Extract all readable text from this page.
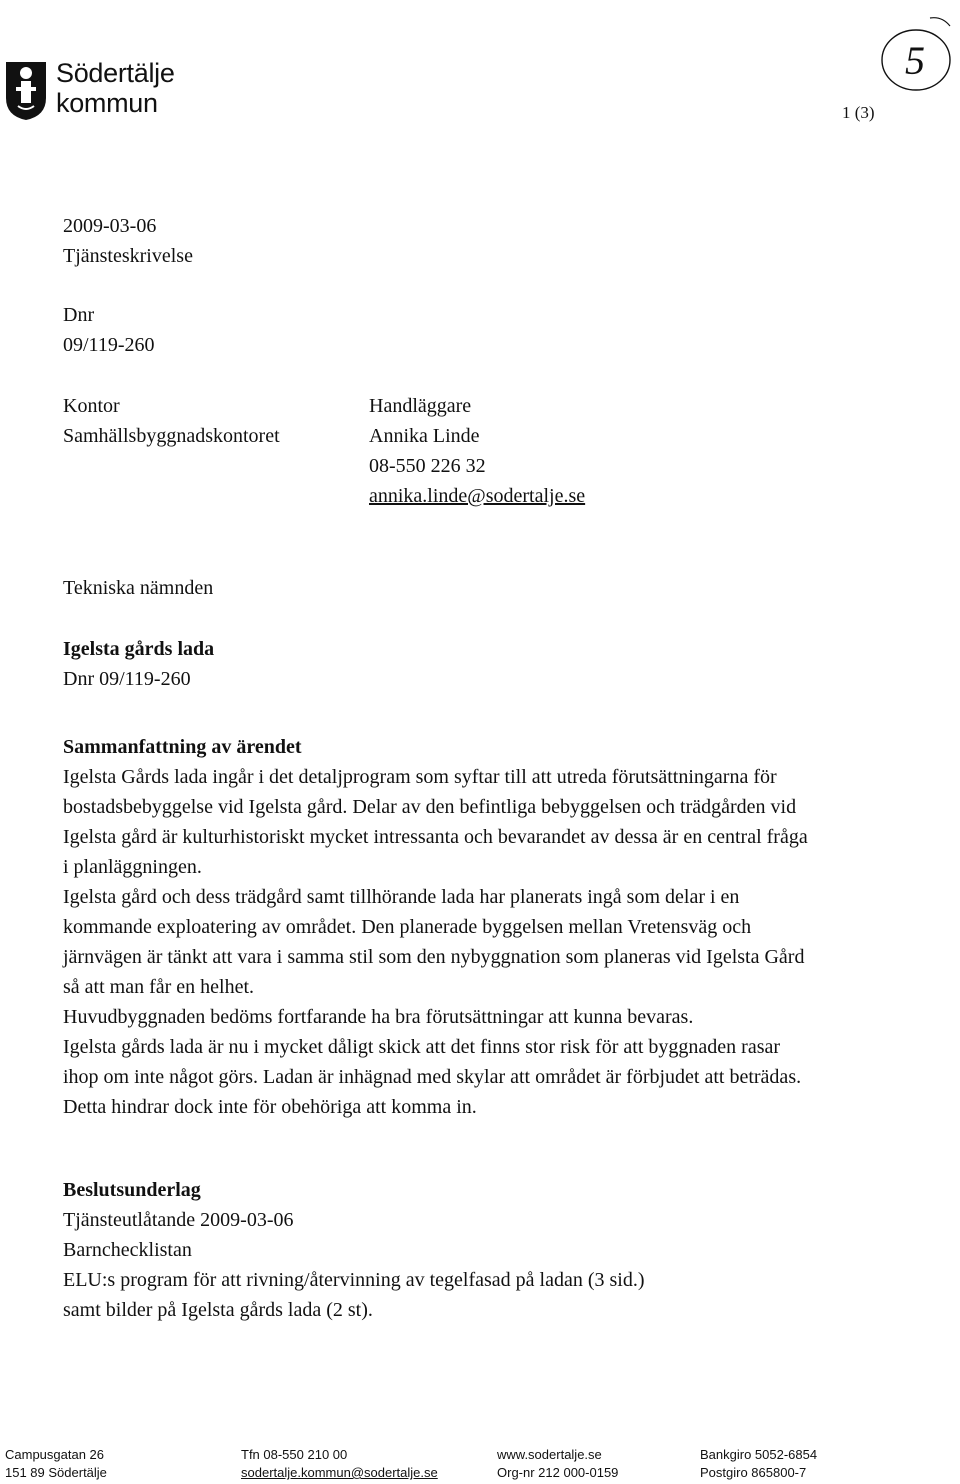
Södertälje
kommun	1 (3)
5
2009-03-06
Tjänsteskrivelse
Dnr
09/119-260
Kontor
Samhällsbyggnadskontoret
Handläggare
Annika Linde
08-550 226 32
annika.linde@sodertalje.se
Tekniska nämnden
Igelsta gårds lada
Dnr 09/119-260
Sammanfattning av ärendet

Igelsta Gårds lada ingår i det detaljprogram som syftar till att utreda förutsättningarna för

bostadsbebyggelse vid Igelsta gård. Delar av den befintliga bebyggelsen och trädgården vid

Igelsta gård är kulturhistoriskt mycket intressanta och bevarandet av dessa är en central fråga

i planläggningen.

Igelsta gård och dess trädgård samt tillhörande lada har planerats ingå som delar i en

kommande exploatering av området. Den planerade byggelsen mellan Vretensväg och

järnvägen är tänkt att vara i samma stil som den nybyggnation som planeras vid Igelsta Gård

så att man får en helhet.

Huvudbyggnaden bedöms fortfarande ha bra förutsättningar att kunna bevaras.

Igelsta gårds lada är nu i mycket dåligt skick att det finns stor risk för att byggnaden rasar

ihop om inte något görs. Ladan är inhägnad med skylar att området är förbjudet att beträdas.

Detta hindrar dock inte för obehöriga att komma in.

Beslutsunderlag
Tjänsteutlåtande 2009-03-06
Barnchecklistan
ELU:s program för att rivning/återvinning av tegelfasad på ladan (3 sid.)
samt bilder på Igelsta gårds lada (2 st).
Campusgatan 26
151 89 Södertälje
Tfn 08-550 210 00
sodertalje.kommun@sodertalje.se
www.sodertalje.se
Org-nr 212 000-0159
Bankgiro 5052-6854
Postgiro 865800-7
